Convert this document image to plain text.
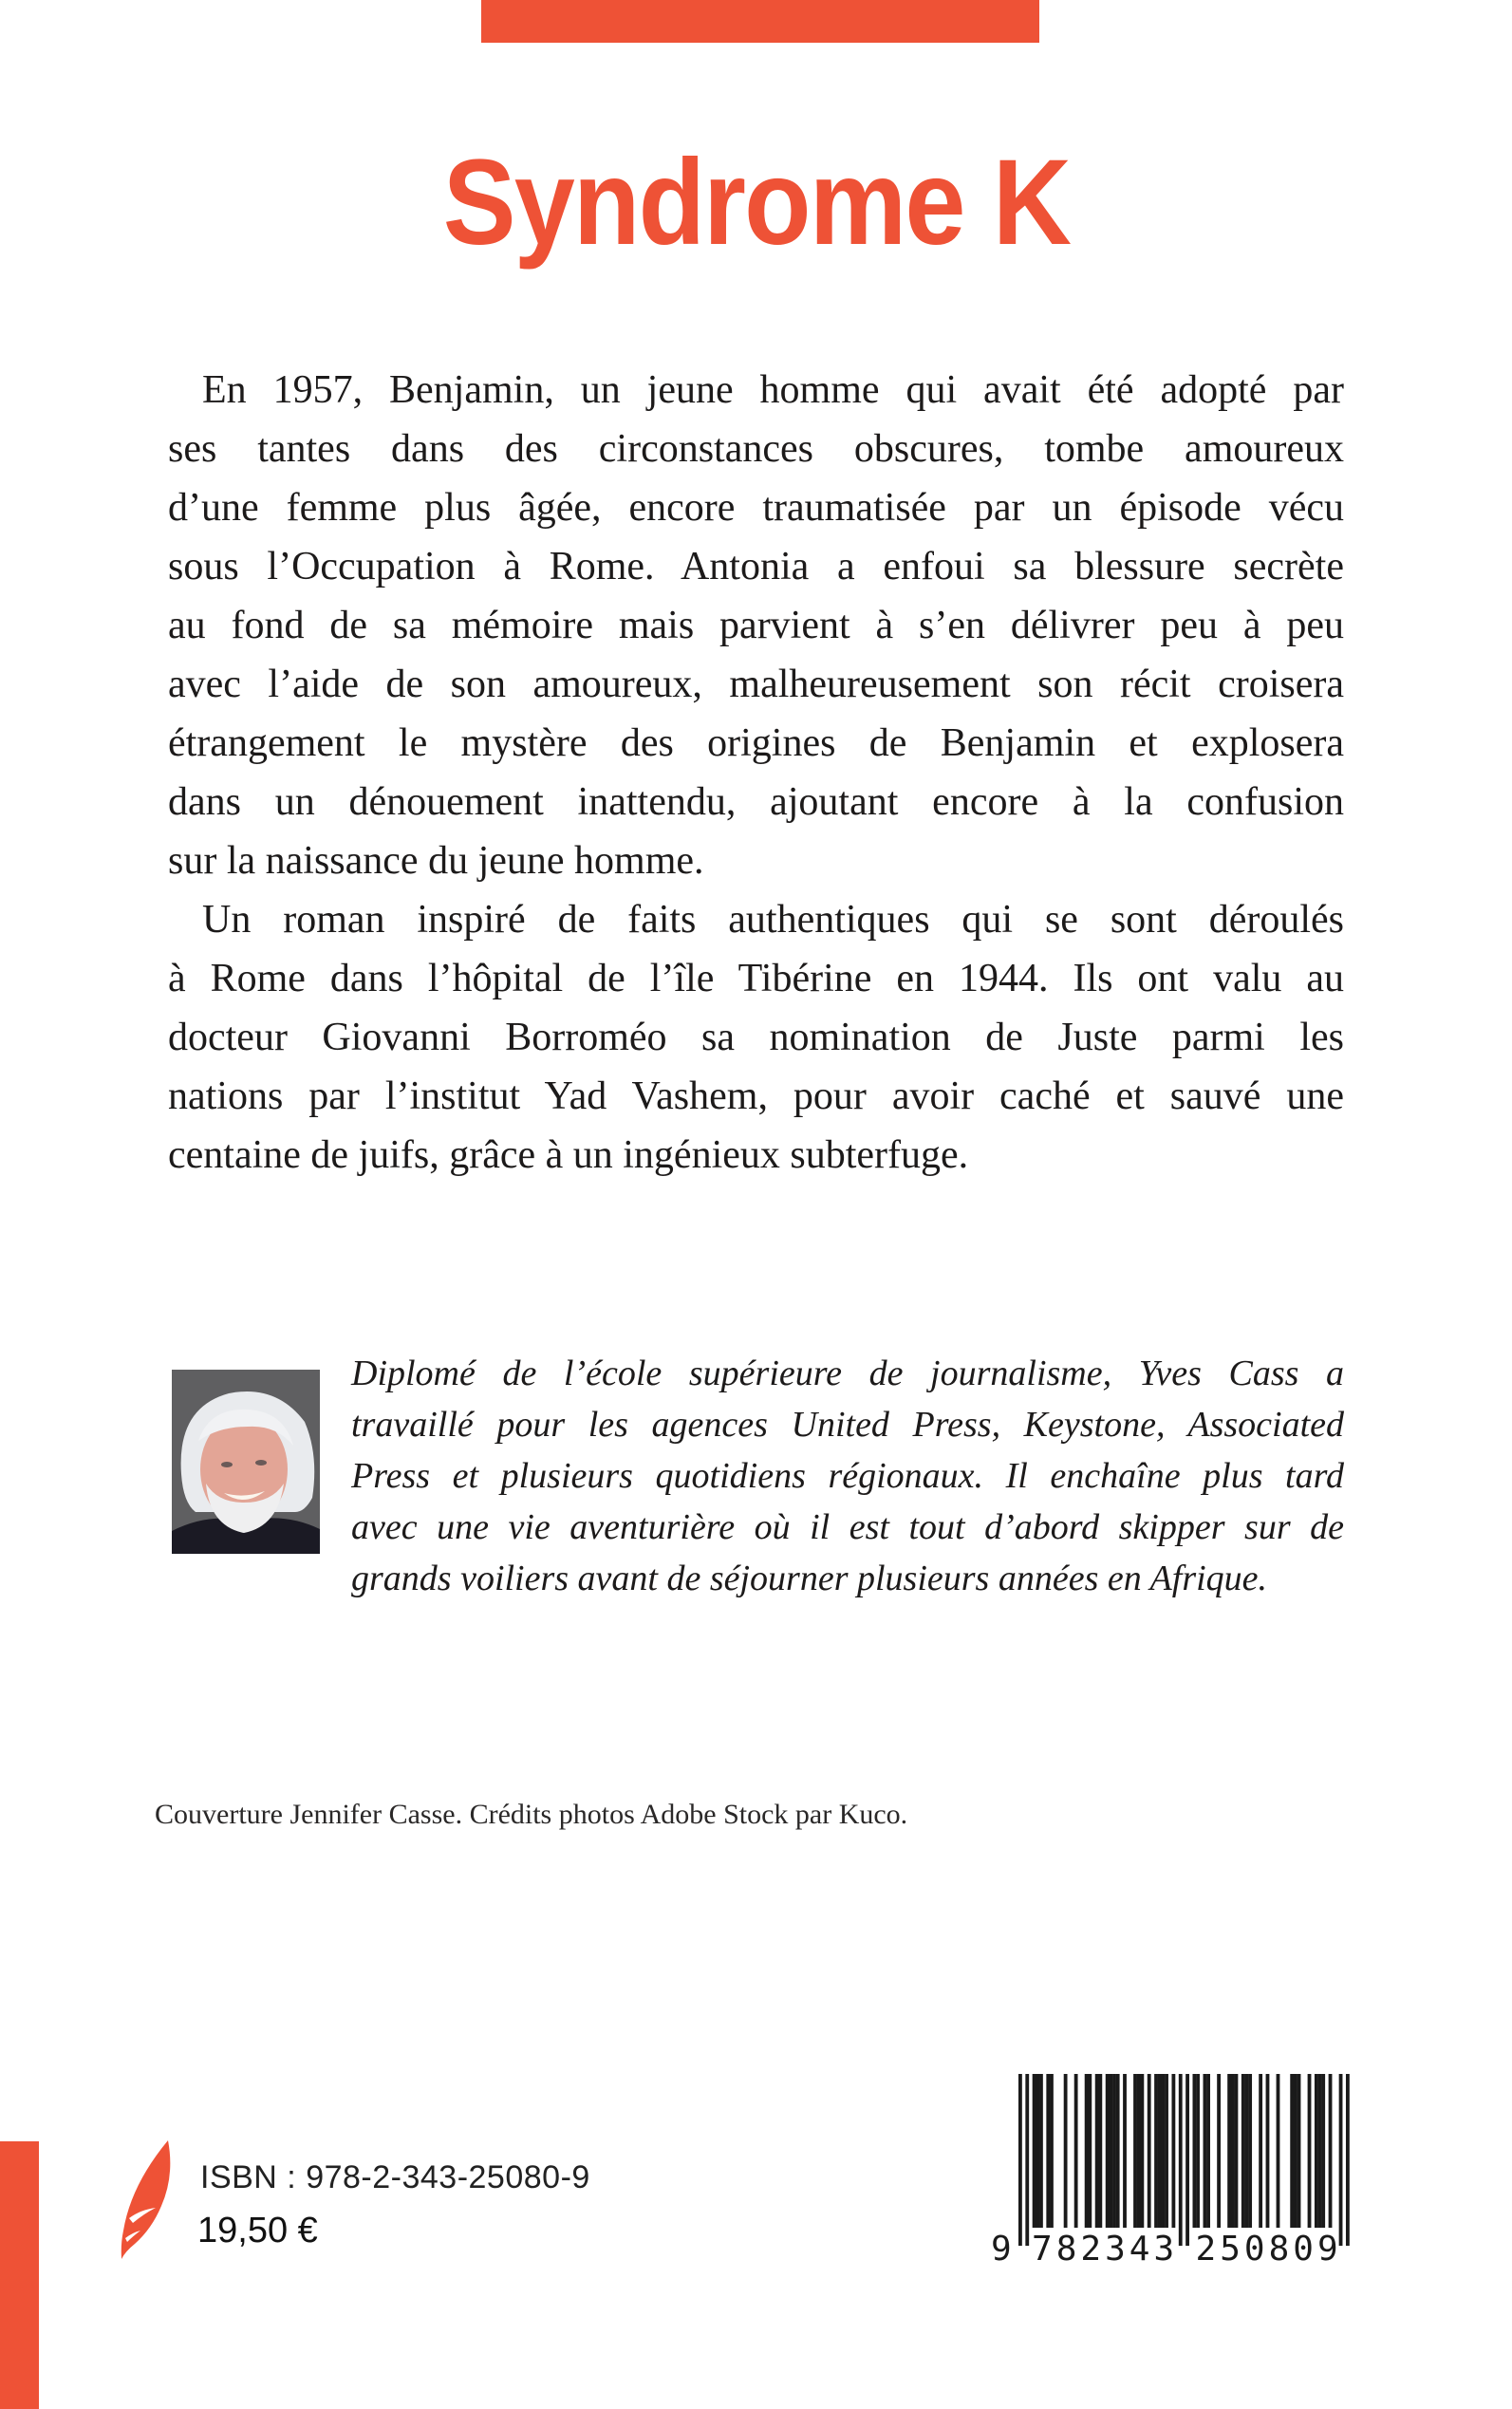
Syndrome K
En 1957, Benjamin, un jeune homme qui avait été adopté par
ses tantes dans des circonstances obscures, tombe amoureux
d’une femme plus âgée, encore traumatisée par un épisode vécu
sous l’Occupation à Rome. Antonia a enfoui sa blessure secrète
au fond de sa mémoire mais parvient à s’en délivrer peu à peu
avec l’aide de son amoureux, malheureusement son récit croisera
étrangement le mystère des origines de Benjamin et explosera
dans un dénouement inattendu, ajoutant encore à la confusion
sur la naissance du jeune homme.
Un roman inspiré de faits authentiques qui se sont déroulés
à Rome dans l’hôpital de l’île Tibérine en 1944. Ils ont valu au
docteur Giovanni Borroméo sa nomination de Juste parmi les
nations par l’institut Yad Vashem, pour avoir caché et sauvé une
centaine de juifs, grâce à un ingénieux subterfuge.
Diplomé de l’école supérieure de journalisme, Yves Cass a
travaillé pour les agences United Press, Keystone, Associated
Press et plusieurs quotidiens régionaux. Il enchaîne plus tard
avec une vie aventurière où il est tout d’abord skipper sur de
grands voiliers avant de séjourner plusieurs années en Afrique.
Couverture Jennifer Casse. Crédits photos Adobe Stock par Kuco.
ISBN : 978-2-343-25080-9
19,50 €	9 7 8 2 3 4 3 2 5 0 8 0 9
